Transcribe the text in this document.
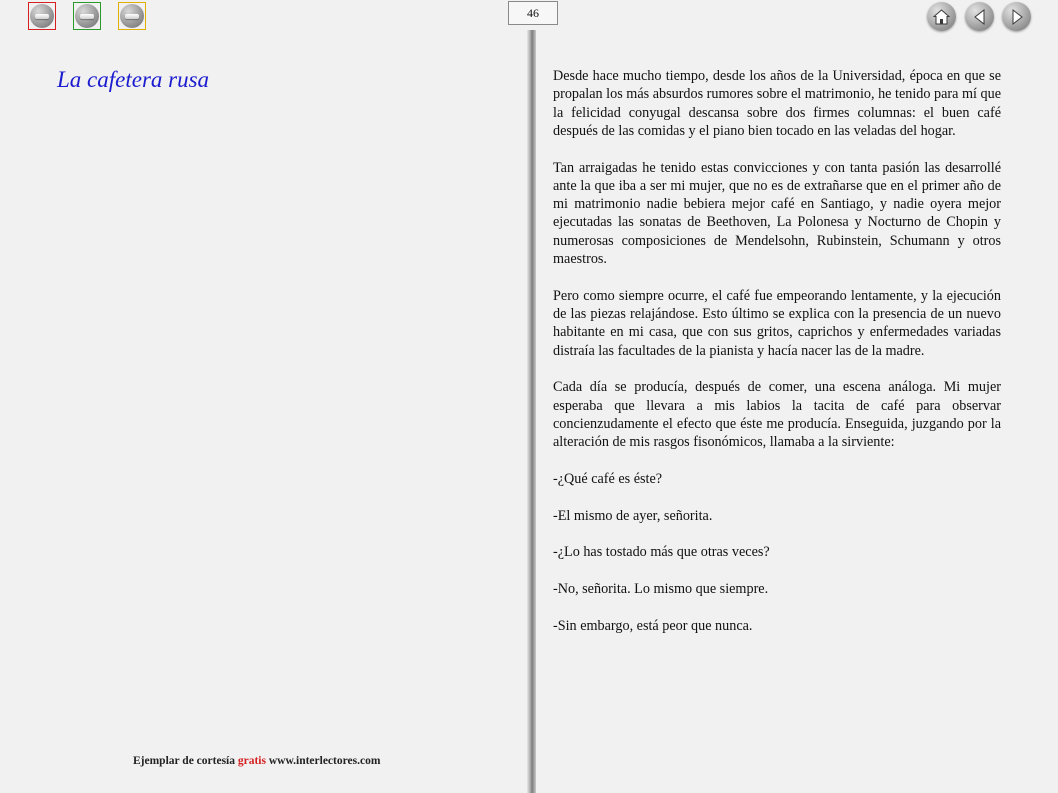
46
La cafetera rusa	Desde hace mucho tiempo, desde los años de la Universidad, época en que se propalan los más absurdos rumores sobre el matrimonio, he tenido para mí que la felicidad conyugal descansa sobre dos firmes columnas: el buen café después de las comidas y el piano bien tocado en las veladas del hogar.

Tan arraigadas he tenido estas convicciones y con tanta pasión las desarrollé ante la que iba a ser mi mujer, que no es de extrañarse que en el primer año de mi matrimonio nadie bebiera mejor café en Santiago, y nadie oyera mejor ejecutadas las sonatas de Beethoven, La Polonesa y Nocturno de Chopin y numerosas composiciones de Mendelsohn, Rubinstein, Schumann y otros maestros.

Pero como siempre ocurre, el café fue empeorando lentamente, y la ejecución de las piezas relajándose. Esto último se explica con la presencia de un nuevo habitante en mi casa, que con sus gritos, caprichos y enfermedades variadas distraía las facultades de la pianista y hacía nacer las de la madre.

Cada día se producía, después de comer, una escena análoga. Mi mujer esperaba que llevara a mis labios la tacita de café para observar concienzudamente el efecto que éste me producía. Enseguida, juzgando por la alteración de mis rasgos fisonómicos, llamaba a la sirviente:

-¿Qué café es éste?

-El mismo de ayer, señorita.

-¿Lo has tostado más que otras veces?

-No, señorita. Lo mismo que siempre.

-Sin embargo, está peor que nunca.

Ejemplar de cortesía gratis www.interlectores.com
